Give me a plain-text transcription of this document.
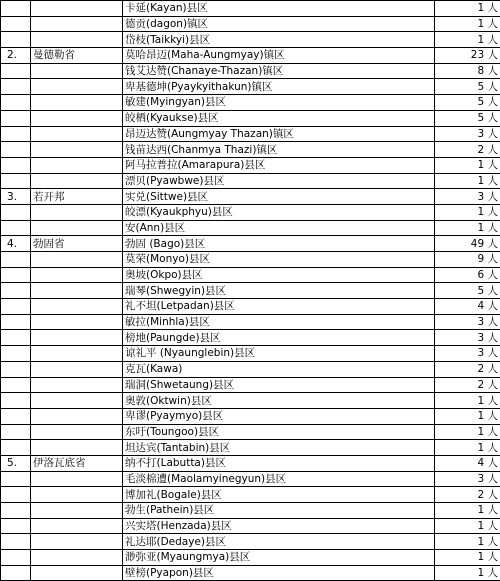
		卡延(Kayan)县区	1 人
		德贡(dagon)镇区	1 人
		岱枝(Taikkyi)县区	1 人
2.	曼德勒省	莫哈昂迈(Maha-Aungmyay)镇区	23 人
		钱艾达赞(Chanaye-Thazan)镇区	8 人
		卑基德坤(Pyaykyithakun)镇区	5 人
		敏建(Myingyan)县区	5 人
		皎栖(Kyaukse)县区	5 人
		昂迈达赞(Aungmyay Thazan)镇区	3 人
		钱苗达西(Chanmya Thazi)镇区	2 人
		阿马拉普拉(Amarapura)县区	1 人
		漂贝(Pyawbwe)县区	1 人
3.	若开邦	实兑(Sittwe)县区	3 人
		皎漂(Kyaukphyu)县区	1 人
		安(Ann)县区	1 人
4.	勃固省	勃固 (Bago)县区	49 人
		莫荣(Monyo)县区	9 人
		奥坡(Okpo)县区	6 人
		瑞琴(Shwegyin)县区	5 人
		礼不坦(Letpadan)县区	4 人
		敏拉(Minhla)县区	3 人
		榜地(Paungde)县区	3 人
		谅礼平 (Nyaunglebin)县区	3 人
		克瓦(Kawa)	2 人
		瑞洞(Shwetaung)县区	2 人
		奥敦(Oktwin)县区	1 人
		卑谬(Pyaymyo)县区	1 人
		东吁(Toungoo)县区	1 人
		坦达宾(Tantabin)县区	1 人
5.	伊洛瓦底省	纳不打(Labutta)县区	4 人
		毛淡棉遭(Maolamyinegyun)县区	3 人
		博加礼(Bogale)县区	2 人
		勃生(Pathein)县区	1 人
		兴实塔(Henzada)县区	1 人
		礼达耶(Dedaye)县区	1 人
		渺弥亚(Myaungmya)县区	1 人
		壁榜(Pyapon)县区	1 人
